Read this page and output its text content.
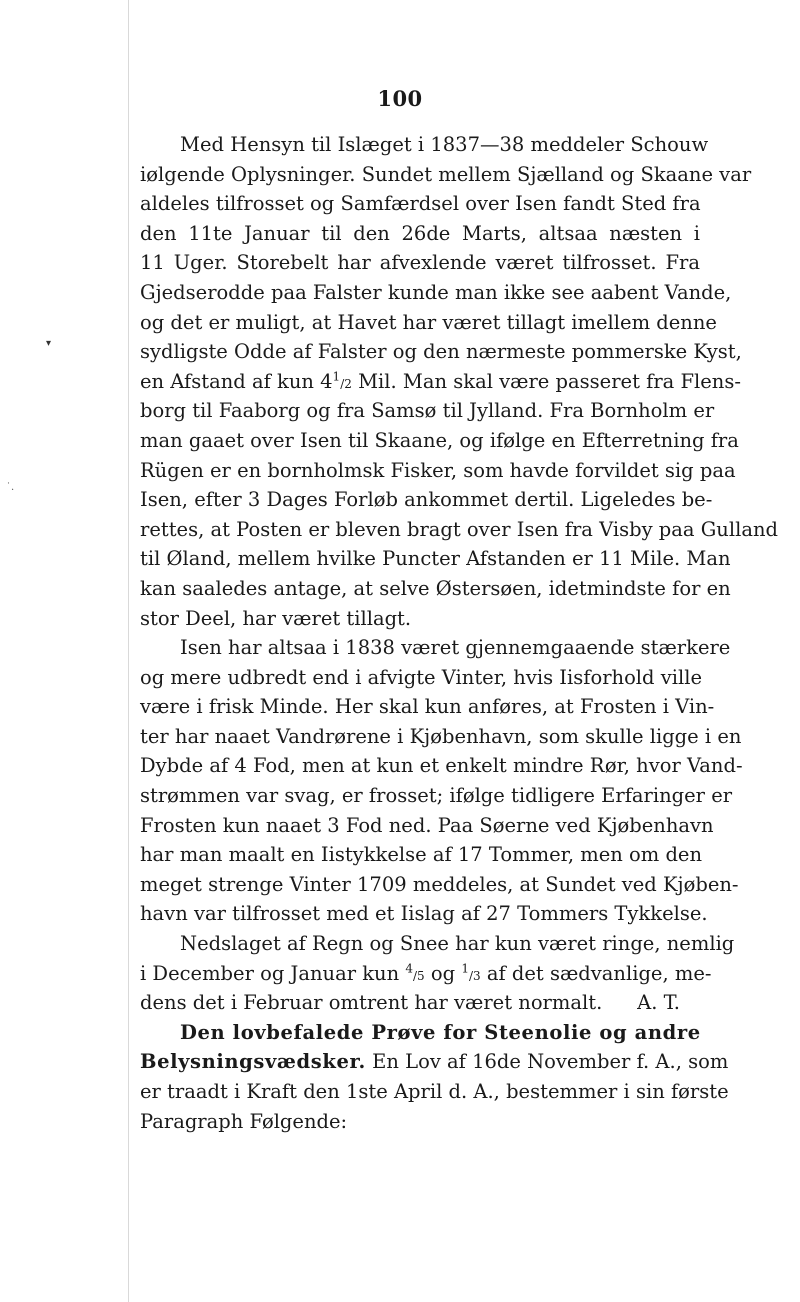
▾
˙.
100
Med Hensyn til Islæget i 1837—38 meddeler Schouw
iølgende Oplysninger. Sundet mellem Sjælland og Skaane var
aldeles tilfrosset og Samfærdsel over Isen fandt Sted fra
den 11te Januar til den 26de Marts, altsaa næsten i
11 Uger. Storebelt har afvexlende været tilfrosset. Fra
Gjedserodde paa Falster kunde man ikke see aabent Vande,
og det er muligt, at Havet har været tillagt imellem denne
sydligste Odde af Falster og den nærmeste pommerske Kyst,
en Afstand af kun $4^1/2$ Mil. Man skal være passeret fra Flens-
borg til Faaborg og fra Samsø til Jylland. Fra Bornholm er
man gaaet over Isen til Skaane, og ifølge en Efterretning fra
Rügen er en bornholmsk Fisker, som havde forvildet sig paa
Isen, efter 3 Dages Forløb ankommet dertil. Ligeledes be-
rettes, at Posten er bleven bragt over Isen fra Visby paa Gulland
til Øland, mellem hvilke Puncter Afstanden er 11 Mile. Man
kan saaledes antage, at selve Østersøen, idetmindste for en
stor Deel, har været tillagt.
Isen har altsaa i 1838 været gjennemgaaende stærkere
og mere udbredt end i afvigte Vinter, hvis Iisforhold ville
være i frisk Minde. Her skal kun anføres, at Frosten i Vin-
ter har naaet Vandrørene i Kjøbenhavn, som skulle ligge i en
Dybde af 4 Fod, men at kun et enkelt mindre Rør, hvor Vand-
strømmen var svag, er frosset; ifølge tidligere Erfaringer er
Frosten kun naaet 3 Fod ned. Paa Søerne ved Kjøbenhavn
har man maalt en Iistykkelse af 17 Tommer, men om den
meget strenge Vinter 1709 meddeles, at Sundet ved Kjøben-
havn var tilfrosset med et Iislag af 27 Tommers Tykkelse.
Nedslaget af Regn og Snee har kun været ringe, nemlig
i December og Januar kun $^4$/5 og $^1$/3 af det sædvanlige, me-
dens det i Februar omtrent har været normalt. A. T.
Den lovbefalede Prøve for Steenolie og andre
Belysningsvædsker. En Lov af 16de November f. A., som
er traadt i Kraft den 1ste April d. A., bestemmer i sin første
Paragraph Følgende:
